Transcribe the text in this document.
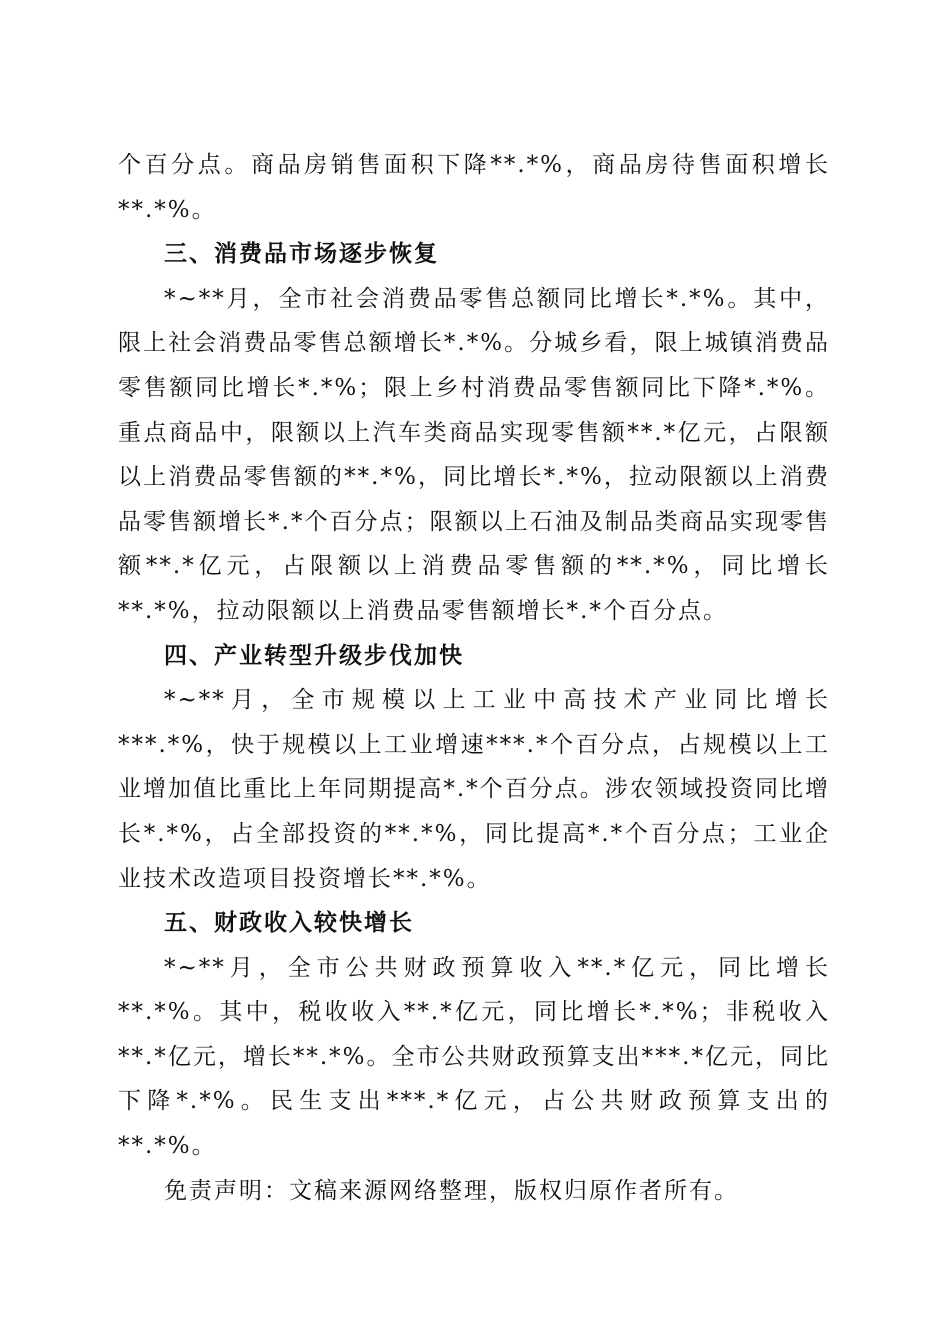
个百分点。商品房销售面积下降**.*%，商品房待售面积增长**.*%。

三、消费品市场逐步恢复

*~**月，全市社会消费品零售总额同比增长*.*%。其中，限上社会消费品零售总额增长*.*%。分城乡看，限上城镇消费品零售额同比增长*.*%；限上乡村消费品零售额同比下降*.*%。重点商品中，限额以上汽车类商品实现零售额**.*亿元，占限额以上消费品零售额的**.*%，同比增长*.*%，拉动限额以上消费品零售额增长*.*个百分点；限额以上石油及制品类商品实现零售额**.*亿元，占限额以上消费品零售额的**.*%，同比增长**.*%，拉动限额以上消费品零售额增长*.*个百分点。

四、产业转型升级步伐加快

*~**月，全市规模以上工业中高技术产业同比增长***.*%，快于规模以上工业增速***.*个百分点，占规模以上工业增加值比重比上年同期提高*.*个百分点。涉农领域投资同比增长*.*%，占全部投资的**.*%，同比提高*.*个百分点；工业企业技术改造项目投资增长**.*%。

五、财政收入较快增长

*~**月，全市公共财政预算收入**.*亿元，同比增长**.*%。其中，税收收入**.*亿元，同比增长*.*%；非税收入**.*亿元，增长**.*%。全市公共财政预算支出***.*亿元，同比下降*.*%。民生支出***.*亿元，占公共财政预算支出的**.*%。

免责声明：文稿来源网络整理，版权归原作者所有。
